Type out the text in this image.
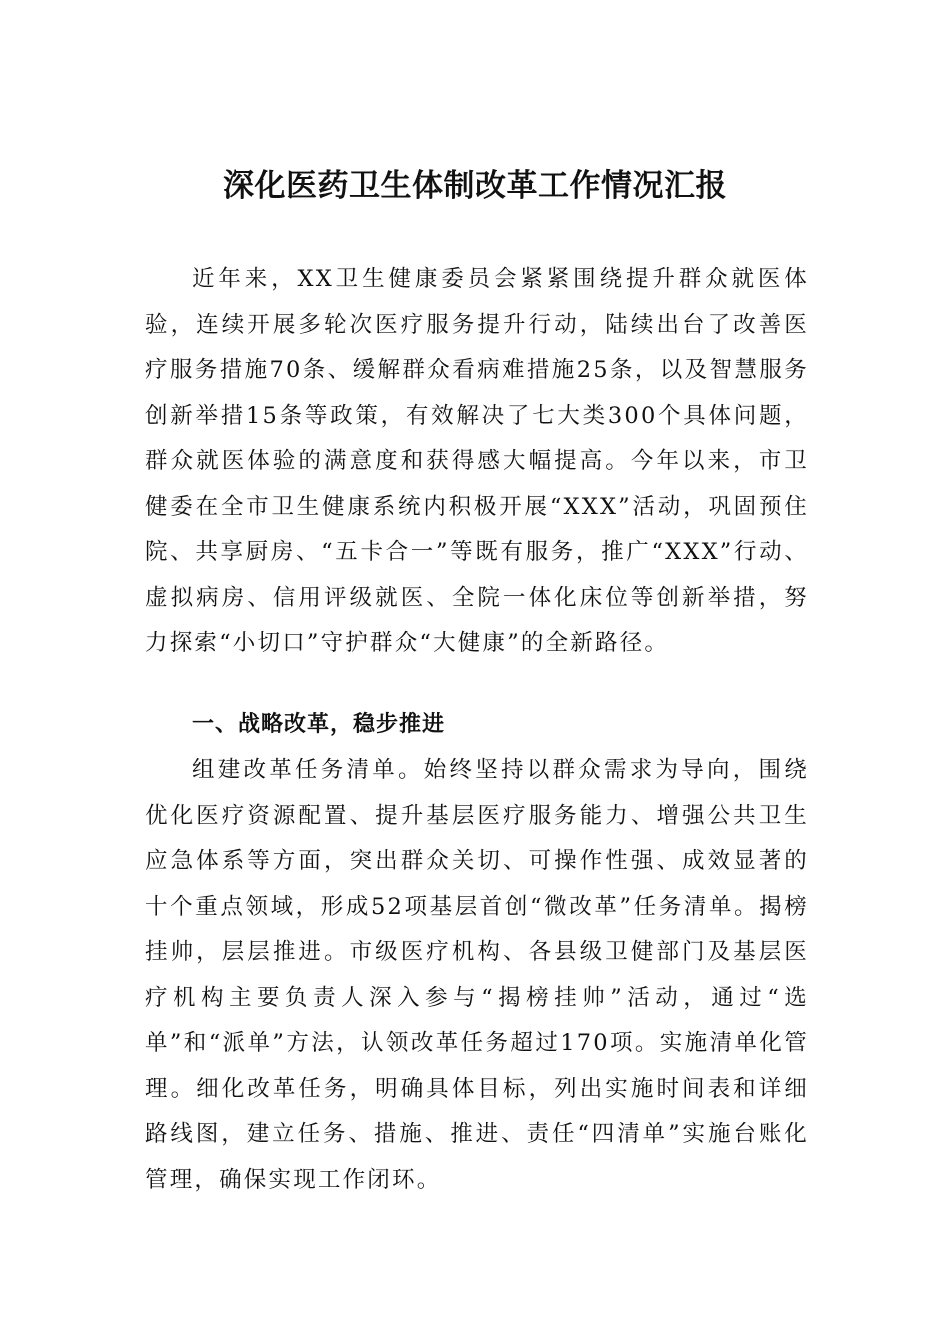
深化医药卫生体制改革工作情况汇报

近年来，XX卫生健康委员会紧紧围绕提升群众就医体验，连续开展多轮次医疗服务提升行动，陆续出台了改善医疗服务措施70条、缓解群众看病难措施25条，以及智慧服务创新举措15条等政策，有效解决了七大类300个具体问题，群众就医体验的满意度和获得感大幅提高。今年以来，市卫健委在全市卫生健康系统内积极开展“XXX”活动，巩固预住院、共享厨房、“五卡合一”等既有服务，推广“XXX”行动、虚拟病房、信用评级就医、全院一体化床位等创新举措，努力探索“小切口”守护群众“大健康”的全新路径。

一、战略改革，稳步推进

组建改革任务清单。始终坚持以群众需求为导向，围绕优化医疗资源配置、提升基层医疗服务能力、增强公共卫生应急体系等方面，突出群众关切、可操作性强、成效显著的十个重点领域，形成52项基层首创“微改革”任务清单。揭榜挂帅，层层推进。市级医疗机构、各县级卫健部门及基层医疗机构主要负责人深入参与“揭榜挂帅”活动，通过“选单”和“派单”方法，认领改革任务超过170项。实施清单化管理。细化改革任务，明确具体目标，列出实施时间表和详细路线图，建立任务、措施、推进、责任“四清单”实施台账化管理，确保实现工作闭环。
